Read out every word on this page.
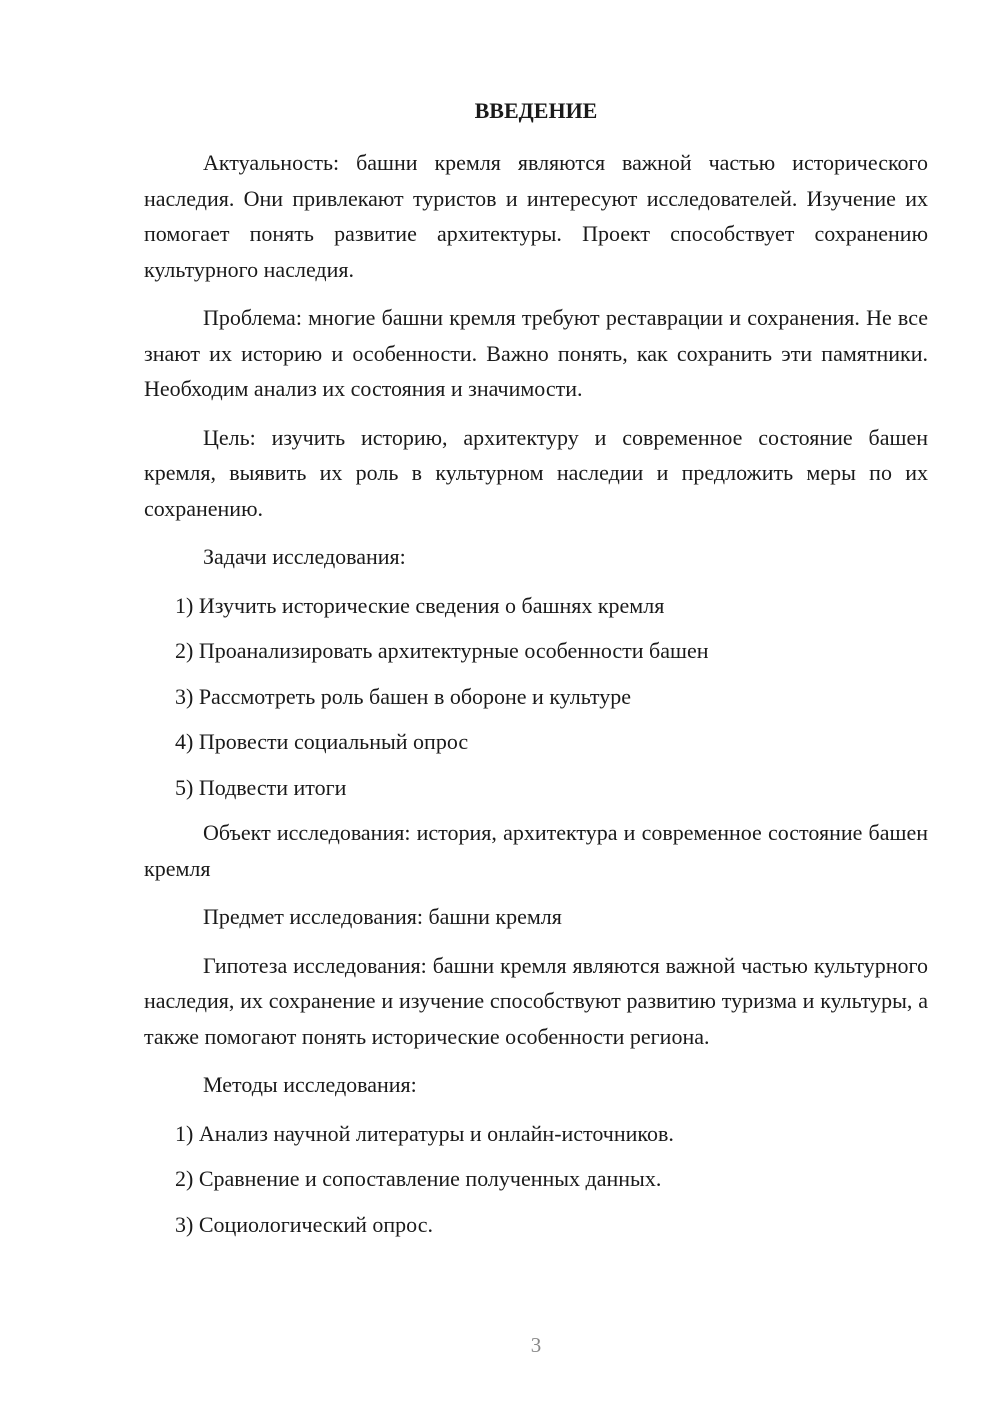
ВВЕДЕНИЕ

Актуальность: башни кремля являются важной частью исторического наследия. Они привлекают туристов и интересуют исследователей. Изучение их помогает понять развитие архитектуры. Проект способствует сохранению культурного наследия.

Проблема: многие башни кремля требуют реставрации и сохранения. Не все знают их историю и особенности. Важно понять, как сохранить эти памятники. Необходим анализ их состояния и значимости.

Цель: изучить историю, архитектуру и современное состояние башен кремля, выявить их роль в культурном наследии и предложить меры по их сохранению.

Задачи исследования:

1) Изучить исторические сведения о башнях кремля
2) Проанализировать архитектурные особенности башен
3) Рассмотреть роль башен в обороне и культуре
4) Провести социальный опрос
5) Подвести итоги

Объект исследования: история, архитектура и современное состояние башен кремля

Предмет исследования: башни кремля

Гипотеза исследования: башни кремля являются важной частью культурного наследия, их сохранение и изучение способствуют развитию туризма и культуры, а также помогают понять исторические особенности региона.

Методы исследования:

1) Анализ научной литературы и онлайн-источников.
2) Сравнение и сопоставление полученных данных.
3) Социологический опрос.
3
